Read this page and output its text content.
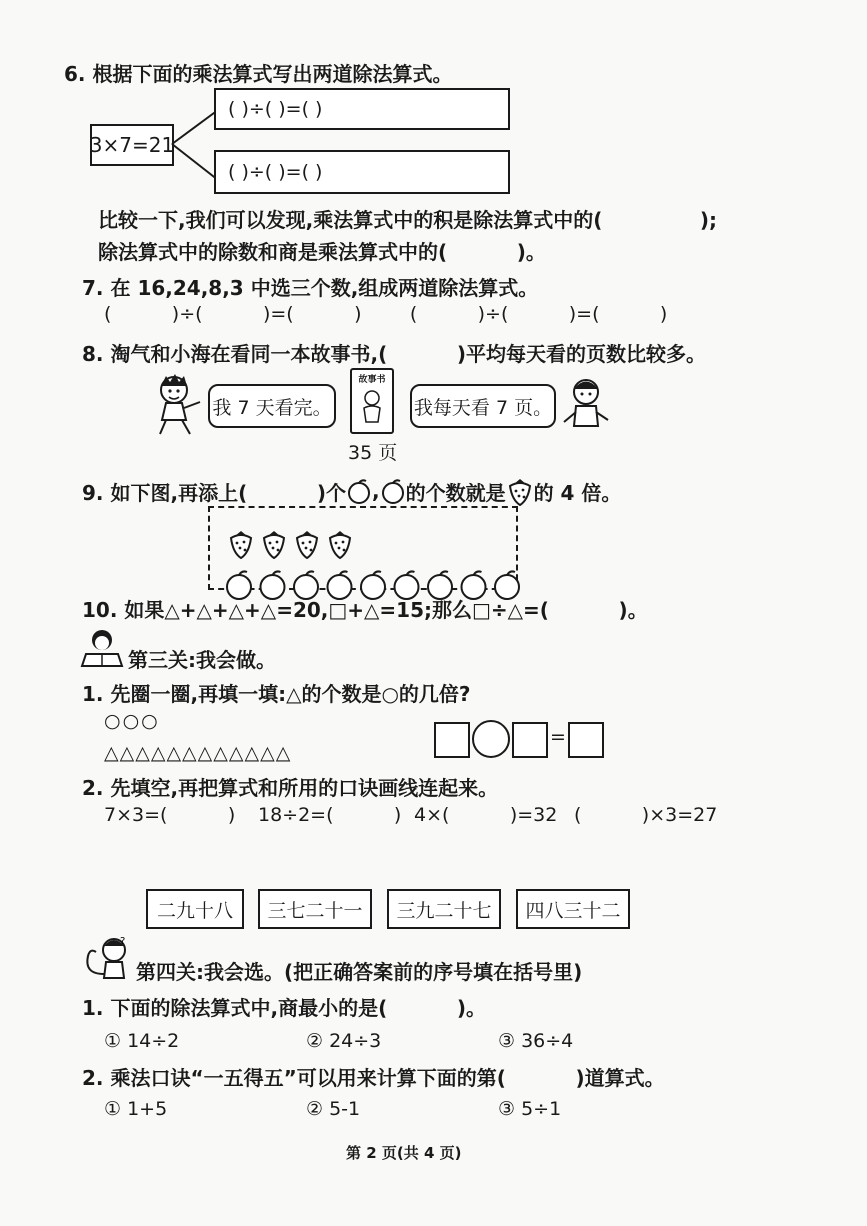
6. 根据下面的乘法算式写出两道除法算式。
3×7=21
( )÷( )=( )
( )÷( )=( )
比较一下,我们可以发现,乘法算式中的积是除法算式中的(              );
除法算式中的除数和商是乘法算式中的(          )。
7. 在 16,24,8,3 中选三个数,组成两道除法算式。
(          )÷(          )=(          )        (          )÷(          )=(          )
8. 淘气和小海在看同一本故事书,(          )平均每天看的页数比较多。
我 7 天看完。
故事书
35 页
我每天看 7 页。
9. 如下图,再添上(          )个 , 的个数就是 的 4 倍。

10. 如果△+△+△+△=20,□+△=15;那么□÷△=(          )。
第三关:我会做。
1. 先圈一圈,再填一填:△的个数是○的几倍?
○○○
△△△△△△△△△△△△
=
2. 先填空,再把算式和所用的口诀画线连起来。
7×3=(          ) 18÷2=(          ) 4×(          )=32 (          )×3=27
二九十八	三七二十一	三九二十七	四八三十二
?
第四关:我会选。(把正确答案前的序号填在括号里)
1. 下面的除法算式中,商最小的是(          )。
① 14÷2	② 24÷3	③ 36÷4
2. 乘法口诀“一五得五”可以用来计算下面的第(          )道算式。
① 1+5	② 5-1	③ 5÷1
第 2 页(共 4 页)
